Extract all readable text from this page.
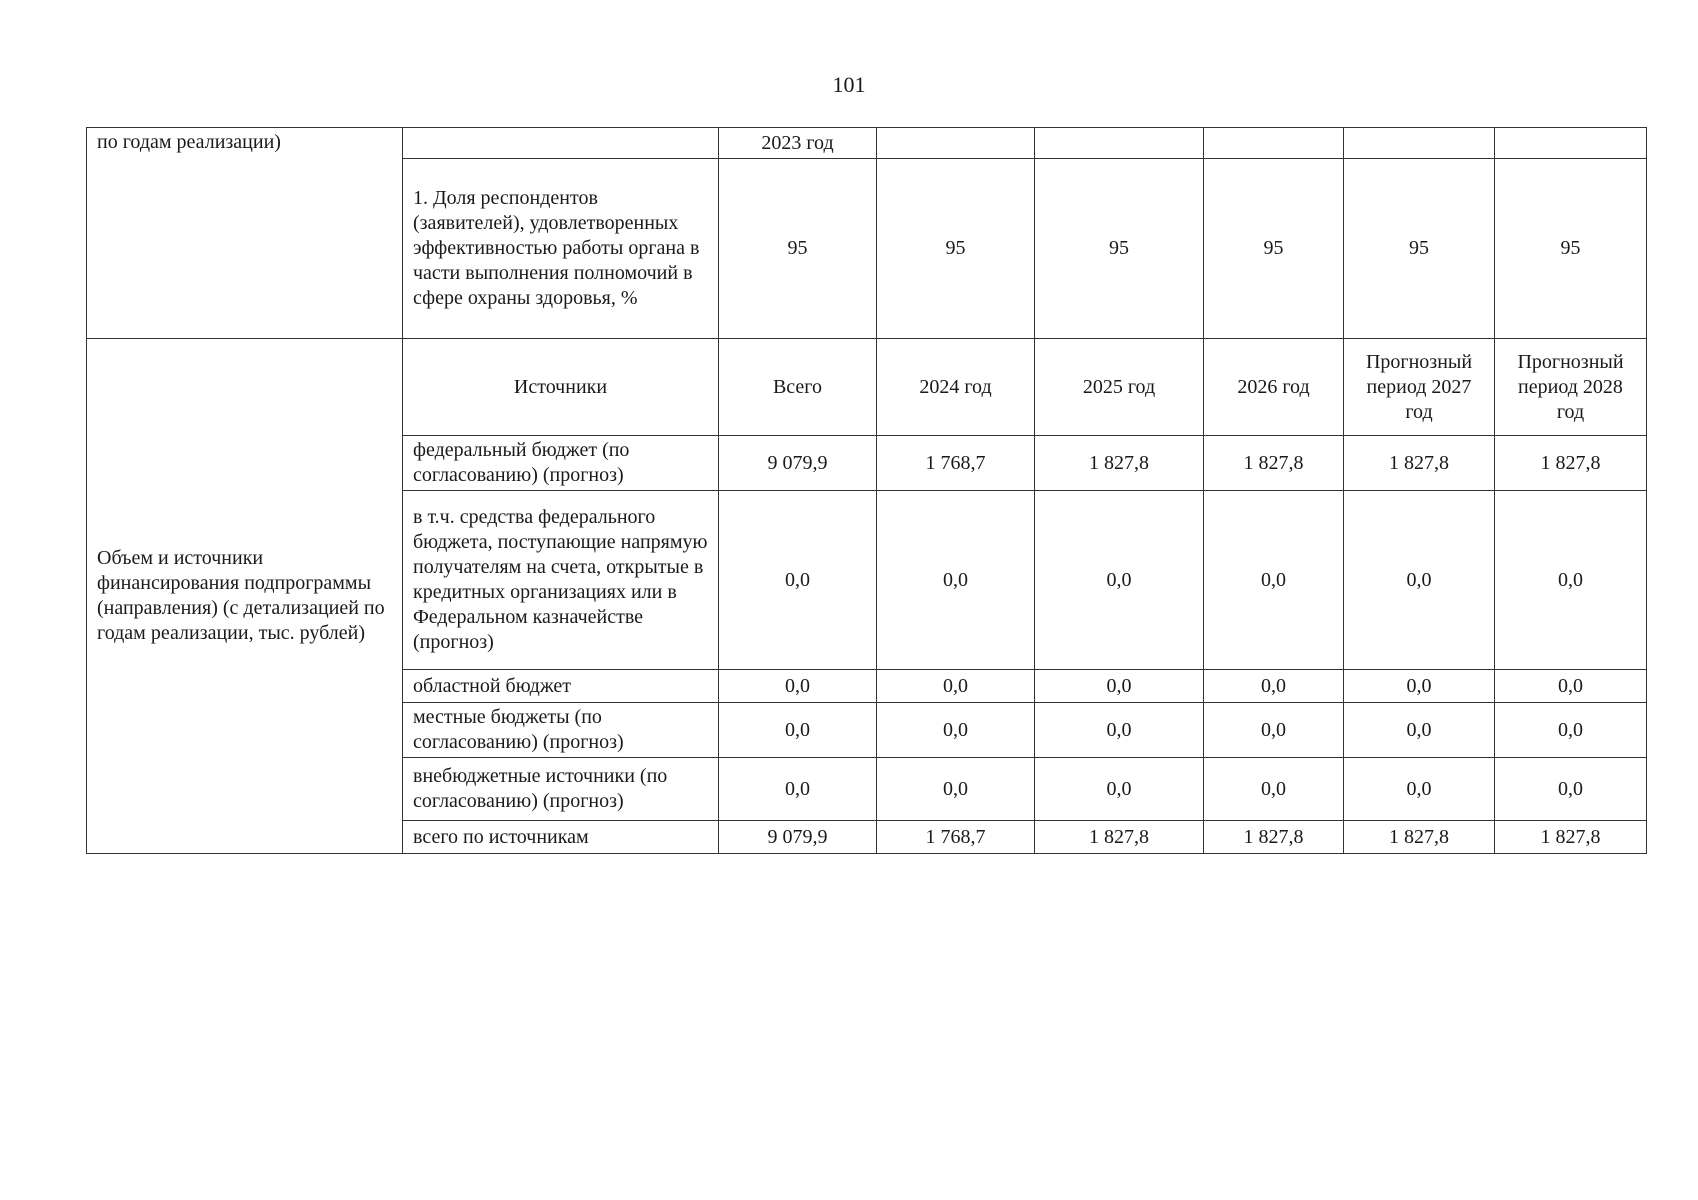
101
по годам реализации)		2023 год					
	1. Доля респондентов (заявителей), удовлетворенных эффективностью работы органа в части выполнения полномочий в сфере охраны здоровья, %	95	95	95	95	95	95
Объем и источники финансирования подпрограммы (направления) (с детализацией по годам реализации, тыс. рублей)	Источники	Всего	2024 год	2025 год	2026 год	Прогнозный период 2027 год	Прогнозный период 2028 год
	федеральный бюджет (по согласованию) (прогноз)	9 079,9	1 768,7	1 827,8	1 827,8	1 827,8	1 827,8
	в т.ч. средства федерального бюджета, поступающие напрямую получателям на счета, открытые в кредитных организациях или в Федеральном казначействе (прогноз)	0,0	0,0	0,0	0,0	0,0	0,0
	областной бюджет	0,0	0,0	0,0	0,0	0,0	0,0
	местные бюджеты (по согласованию) (прогноз)	0,0	0,0	0,0	0,0	0,0	0,0
	внебюджетные источники (по согласованию) (прогноз)	0,0	0,0	0,0	0,0	0,0	0,0
	всего по источникам	9 079,9	1 768,7	1 827,8	1 827,8	1 827,8	1 827,8
